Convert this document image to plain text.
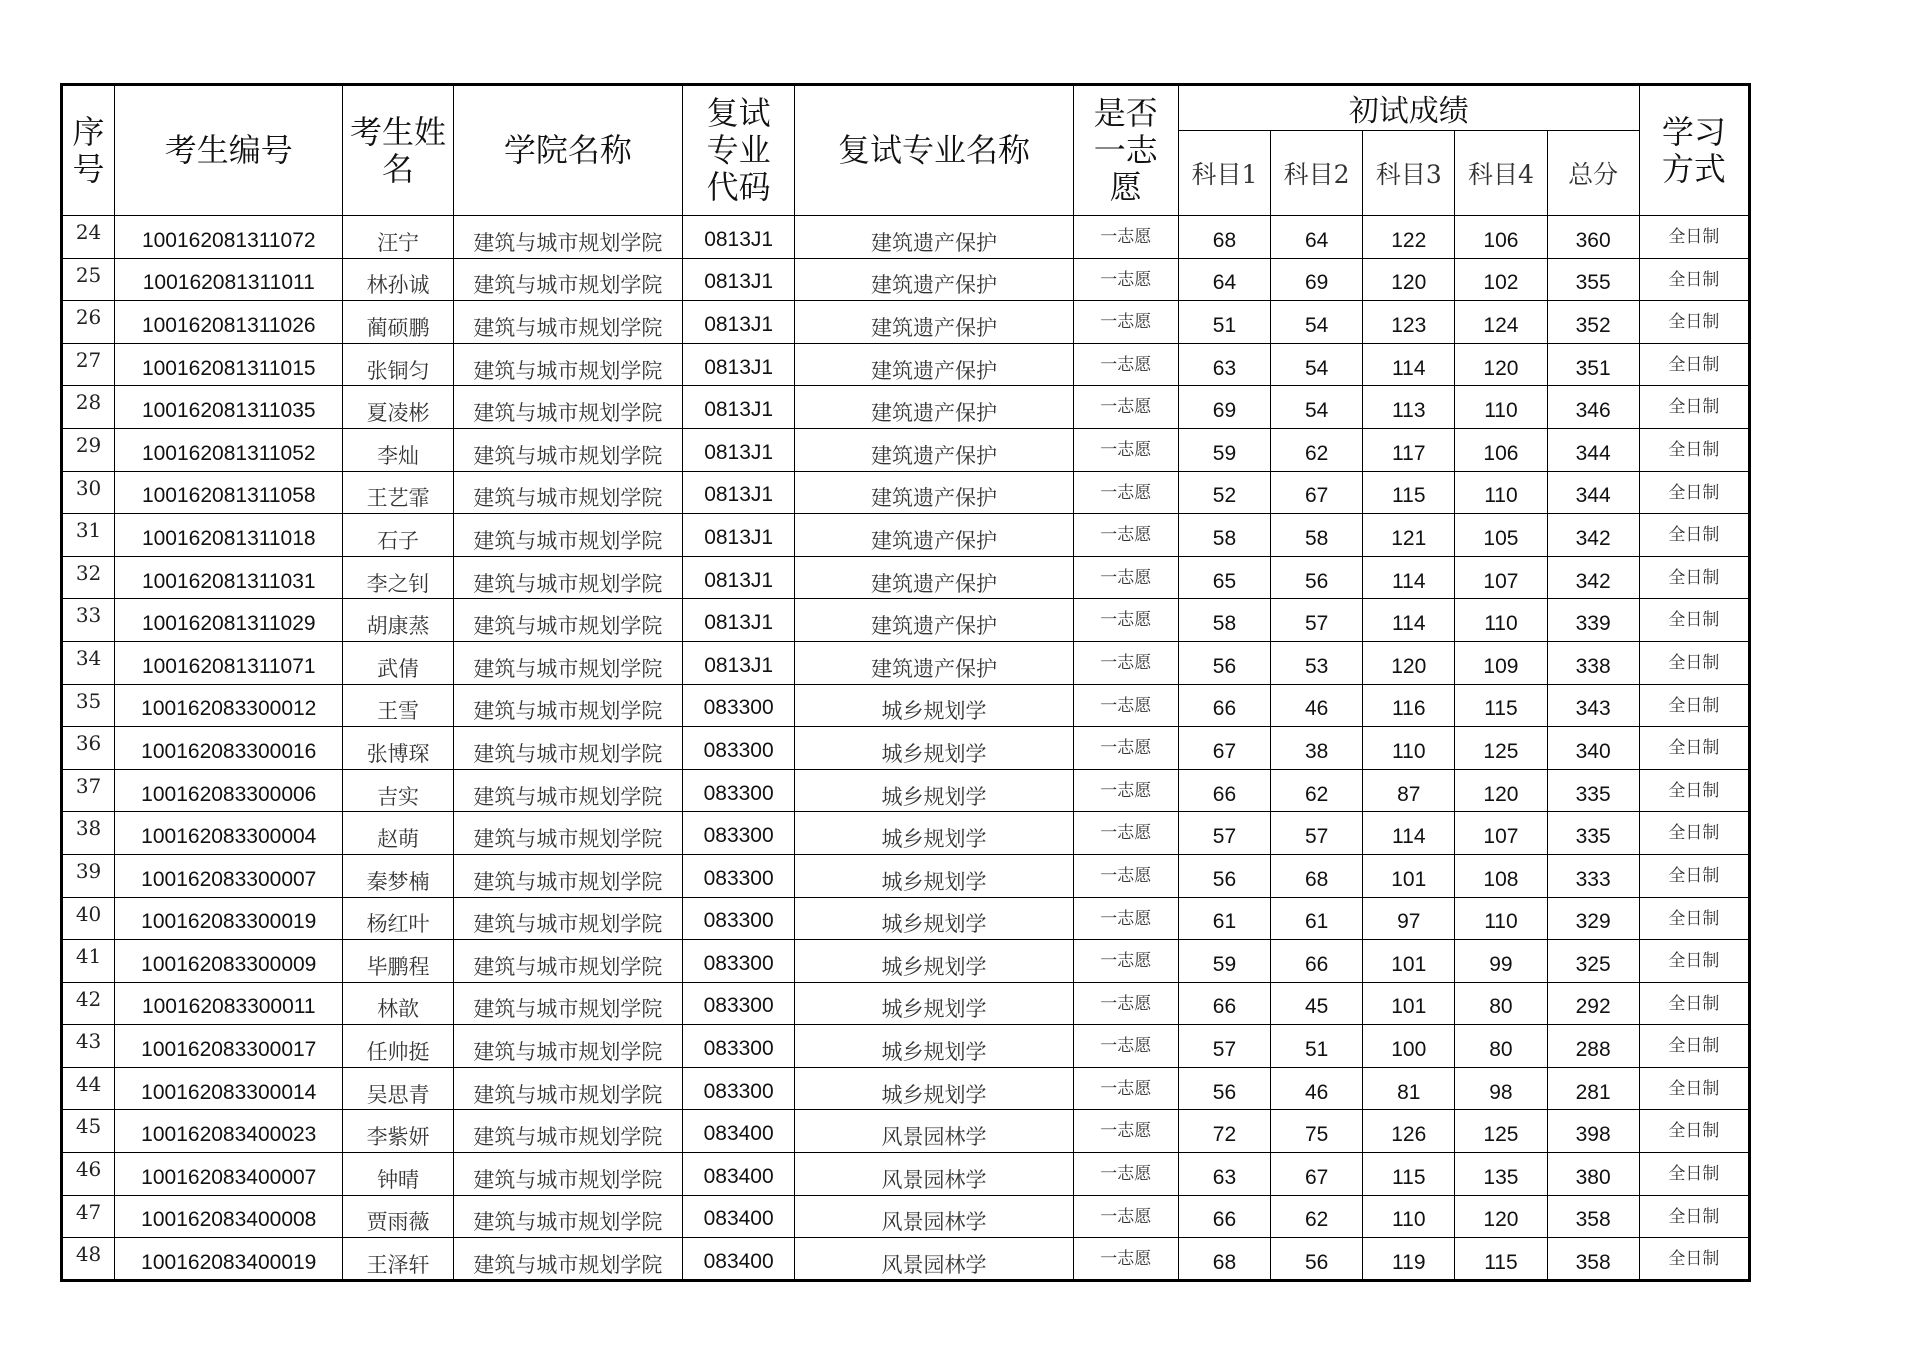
序号	考生编号	考生姓名	学院名称	复试专业代码	复试专业名称	是否一志愿	初试成绩					学习方式
							科目1	科目2	科目3	科目4	总分	
24	100162081311072	汪宁	建筑与城市规划学院	0813J1	建筑遗产保护	一志愿	68	64	122	106	360	全日制
25	100162081311011	林孙诚	建筑与城市规划学院	0813J1	建筑遗产保护	一志愿	64	69	120	102	355	全日制
26	100162081311026	蔺硕鹏	建筑与城市规划学院	0813J1	建筑遗产保护	一志愿	51	54	123	124	352	全日制
27	100162081311015	张铜匀	建筑与城市规划学院	0813J1	建筑遗产保护	一志愿	63	54	114	120	351	全日制
28	100162081311035	夏凌彬	建筑与城市规划学院	0813J1	建筑遗产保护	一志愿	69	54	113	110	346	全日制
29	100162081311052	李灿	建筑与城市规划学院	0813J1	建筑遗产保护	一志愿	59	62	117	106	344	全日制
30	100162081311058	王艺霏	建筑与城市规划学院	0813J1	建筑遗产保护	一志愿	52	67	115	110	344	全日制
31	100162081311018	石子	建筑与城市规划学院	0813J1	建筑遗产保护	一志愿	58	58	121	105	342	全日制
32	100162081311031	李之钊	建筑与城市规划学院	0813J1	建筑遗产保护	一志愿	65	56	114	107	342	全日制
33	100162081311029	胡康蒸	建筑与城市规划学院	0813J1	建筑遗产保护	一志愿	58	57	114	110	339	全日制
34	100162081311071	武倩	建筑与城市规划学院	0813J1	建筑遗产保护	一志愿	56	53	120	109	338	全日制
35	100162083300012	王雪	建筑与城市规划学院	083300	城乡规划学	一志愿	66	46	116	115	343	全日制
36	100162083300016	张博琛	建筑与城市规划学院	083300	城乡规划学	一志愿	67	38	110	125	340	全日制
37	100162083300006	吉实	建筑与城市规划学院	083300	城乡规划学	一志愿	66	62	87	120	335	全日制
38	100162083300004	赵萌	建筑与城市规划学院	083300	城乡规划学	一志愿	57	57	114	107	335	全日制
39	100162083300007	秦梦楠	建筑与城市规划学院	083300	城乡规划学	一志愿	56	68	101	108	333	全日制
40	100162083300019	杨红叶	建筑与城市规划学院	083300	城乡规划学	一志愿	61	61	97	110	329	全日制
41	100162083300009	毕鹏程	建筑与城市规划学院	083300	城乡规划学	一志愿	59	66	101	99	325	全日制
42	100162083300011	林歆	建筑与城市规划学院	083300	城乡规划学	一志愿	66	45	101	80	292	全日制
43	100162083300017	任帅挺	建筑与城市规划学院	083300	城乡规划学	一志愿	57	51	100	80	288	全日制
44	100162083300014	吴思青	建筑与城市规划学院	083300	城乡规划学	一志愿	56	46	81	98	281	全日制
45	100162083400023	李紫妍	建筑与城市规划学院	083400	风景园林学	一志愿	72	75	126	125	398	全日制
46	100162083400007	钟晴	建筑与城市规划学院	083400	风景园林学	一志愿	63	67	115	135	380	全日制
47	100162083400008	贾雨薇	建筑与城市规划学院	083400	风景园林学	一志愿	66	62	110	120	358	全日制
48	100162083400019	王泽轩	建筑与城市规划学院	083400	风景园林学	一志愿	68	56	119	115	358	全日制
